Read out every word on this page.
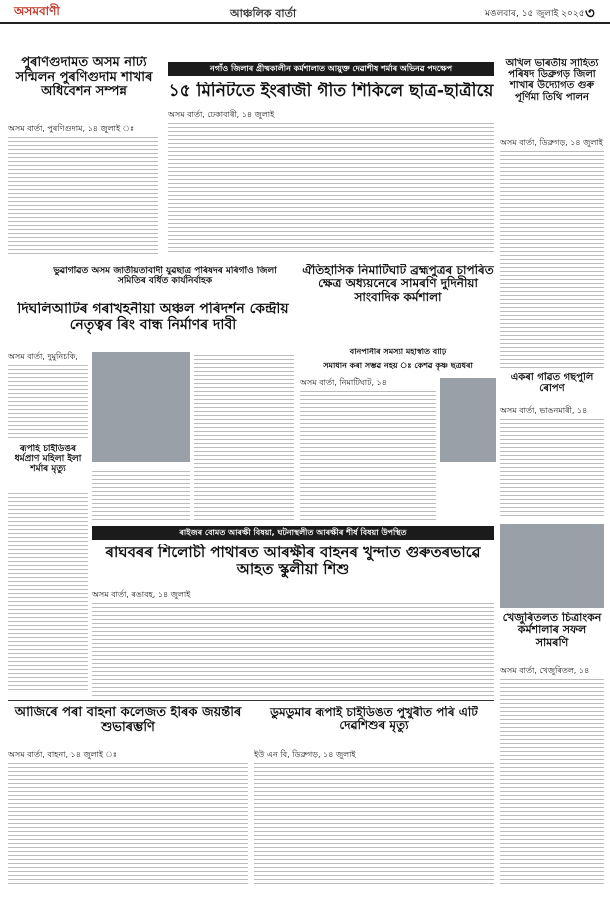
অসমবাণী	আঞ্চলিক বাৰ্তা	মঙলবাৰ, ১৫ জুলাই ২০২৫ ৩
পুৰণিগুদামত অসম নাট্য সন্মিলন পুৰণিগুদাম শাখাৰ অধিবেশন সম্পন্ন
অসম বাৰ্তা, পুৰণিগুদাম, ১৪ জুলাই ঃ
নগাঁও জিলাৰ গ্ৰীষ্মকালীন কৰ্মশালাত আয়ুক্ত দেৱাশীষ শৰ্মাৰ অভিনৱ পদক্ষেপ
১৫ মিনিটতে ইংৰাজী গীত শিকিলে ছাত্ৰ-ছাত্ৰীয়ে
অসম বাৰ্তা, ঢেকাবাৰী, ১৪ জুলাই
অখিল ভাৰতীয় সাহিত্য পৰিষদ ডিব্ৰুগড় জিলা শাখাৰ উদ্যোগত গুৰু পূৰ্ণিমা তিথি পালন
অসম বাৰ্তা, ডিব্ৰুগড়, ১৪ জুলাই
ভুৱাগাঁৱত অসম জাতীয়তাবাদী যুৱছাত্ৰ পৰিষদৰ মৰিগাঁও জিলা সমিতিৰ বৰ্ধিত কাৰ্যনিৰ্বাহক
দিঘলিআটিৰ গৰাখহনীয়া অঞ্চল পৰিদৰ্শন কেন্দ্ৰীয় নেতৃত্বৰ ৰিং বান্ধ নিৰ্মাণৰ দাবী
অসম বাৰ্তা, দুমুনিচকি,
ৰূপহি চাইডিঙৰ ধৰ্মপ্ৰাণ মহিলা ইলা শৰ্মাৰ মৃত্যু
ঐতিহাসিক নিমাটিঘাট ব্ৰহ্মপুত্ৰৰ চাপৰিত ক্ষেত্ৰ অধ্যয়নেৰে সামৰণি দুদিনীয়া সাংবাদিক কৰ্মশালা
বানপানীৰ সমস্যা মহাস্বতি বাঢ়ি
সমাধান কৰা সম্ভৱ নহয় ঃ কেশৱ কৃষ্ণ ছত্ৰধৰা
অসম বাৰ্তা, নিমাটিঘাট, ১৪	একৰা গাঁৱত গছপুলি ৰোপণ
অসম বাৰ্তা, ভাঙনমাৰী, ১৪
ৰাইজৰ বোমত আৰক্ষী বিষয়া, ঘটনাস্থলীত আৰক্ষীৰ শীৰ্ষ বিষয়া উপস্থিত
ৰাঘবৰৰ শিলোচী পাথাৰত আৰক্ষীৰ বাহনৰ খুন্দাত গুৰুতৰভাৱে আহত স্কুলীয়া শিশু
অসম বাৰ্তা, ৰঙাবহ, ১৪ জুলাই
খেজুৰিতলত চিত্ৰাংকন কৰ্মশালাৰ সফল সামৰণি
অসম বাৰ্তা, খেজুৰিতল, ১৪
আজিৰে পৰা বাহনা কলেজত হীৰক জয়ন্তীৰ শুভাৰম্ভণি
অসম বাৰ্তা, বাহনা, ১৪ জুলাই ঃ
ডুমডুমাৰ ৰূপাই চাইডিঙত পুখুৰীত পৰি এটি দেৱশিশুৰ মৃত্যু
ইউ এন বি, ডিব্ৰুগড়, ১৪ জুলাই
